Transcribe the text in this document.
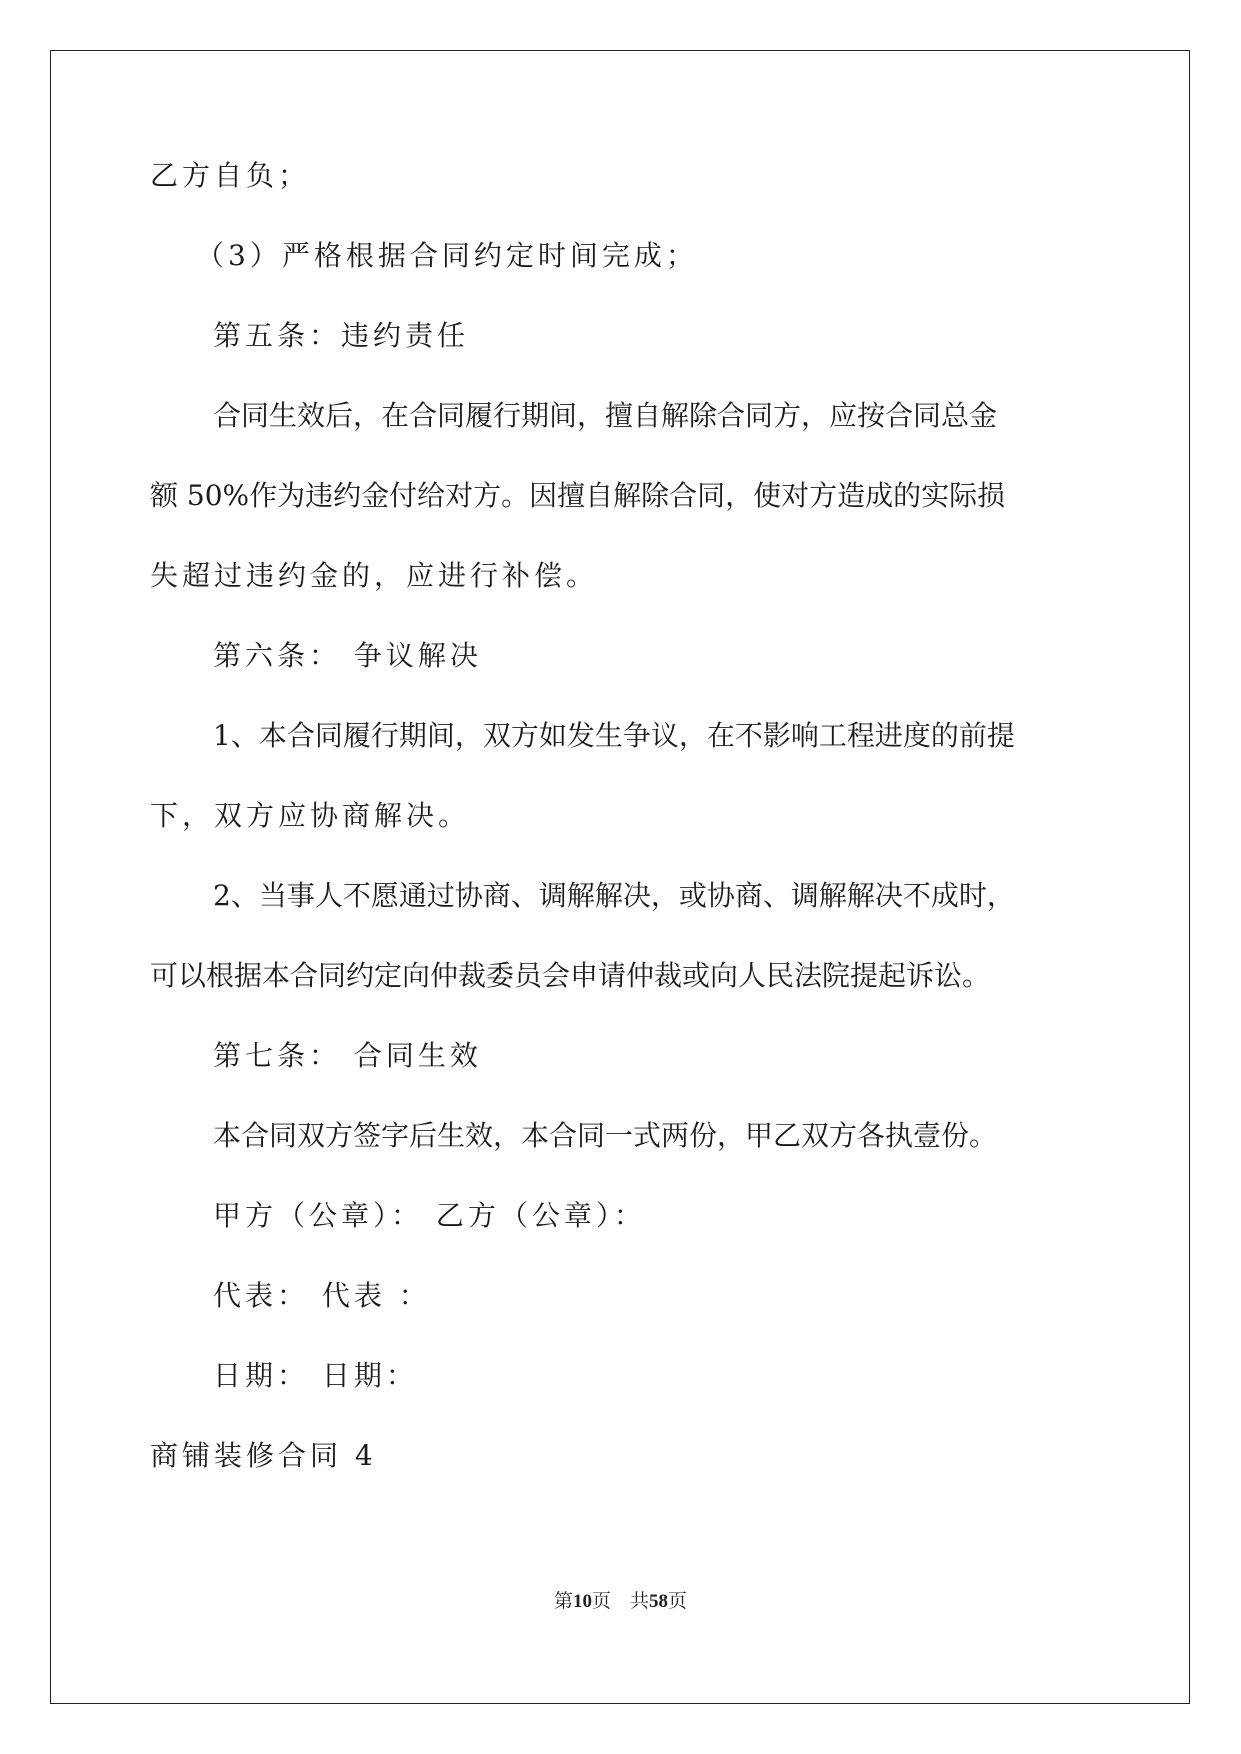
乙方自负；
（3）严格根据合同约定时间完成；
第五条：违约责任
合同生效后，在合同履行期间，擅自解除合同方，应按合同总金
额 50%作为违约金付给对方。因擅自解除合同，使对方造成的实际损
失超过违约金的，应进行补偿。
第六条： 争议解决
1、本合同履行期间，双方如发生争议，在不影响工程进度的前提
下，双方应协商解决。
2、当事人不愿通过协商、调解解决，或协商、调解解决不成时，
可以根据本合同约定向仲裁委员会申请仲裁或向人民法院提起诉讼。
第七条： 合同生效
本合同双方签字后生效，本合同一式两份，甲乙双方各执壹份。
甲方（公章）： 乙方（公章）：
代表： 代表 ：
日期： 日期：
商铺装修合同 4
第10页　共58页
